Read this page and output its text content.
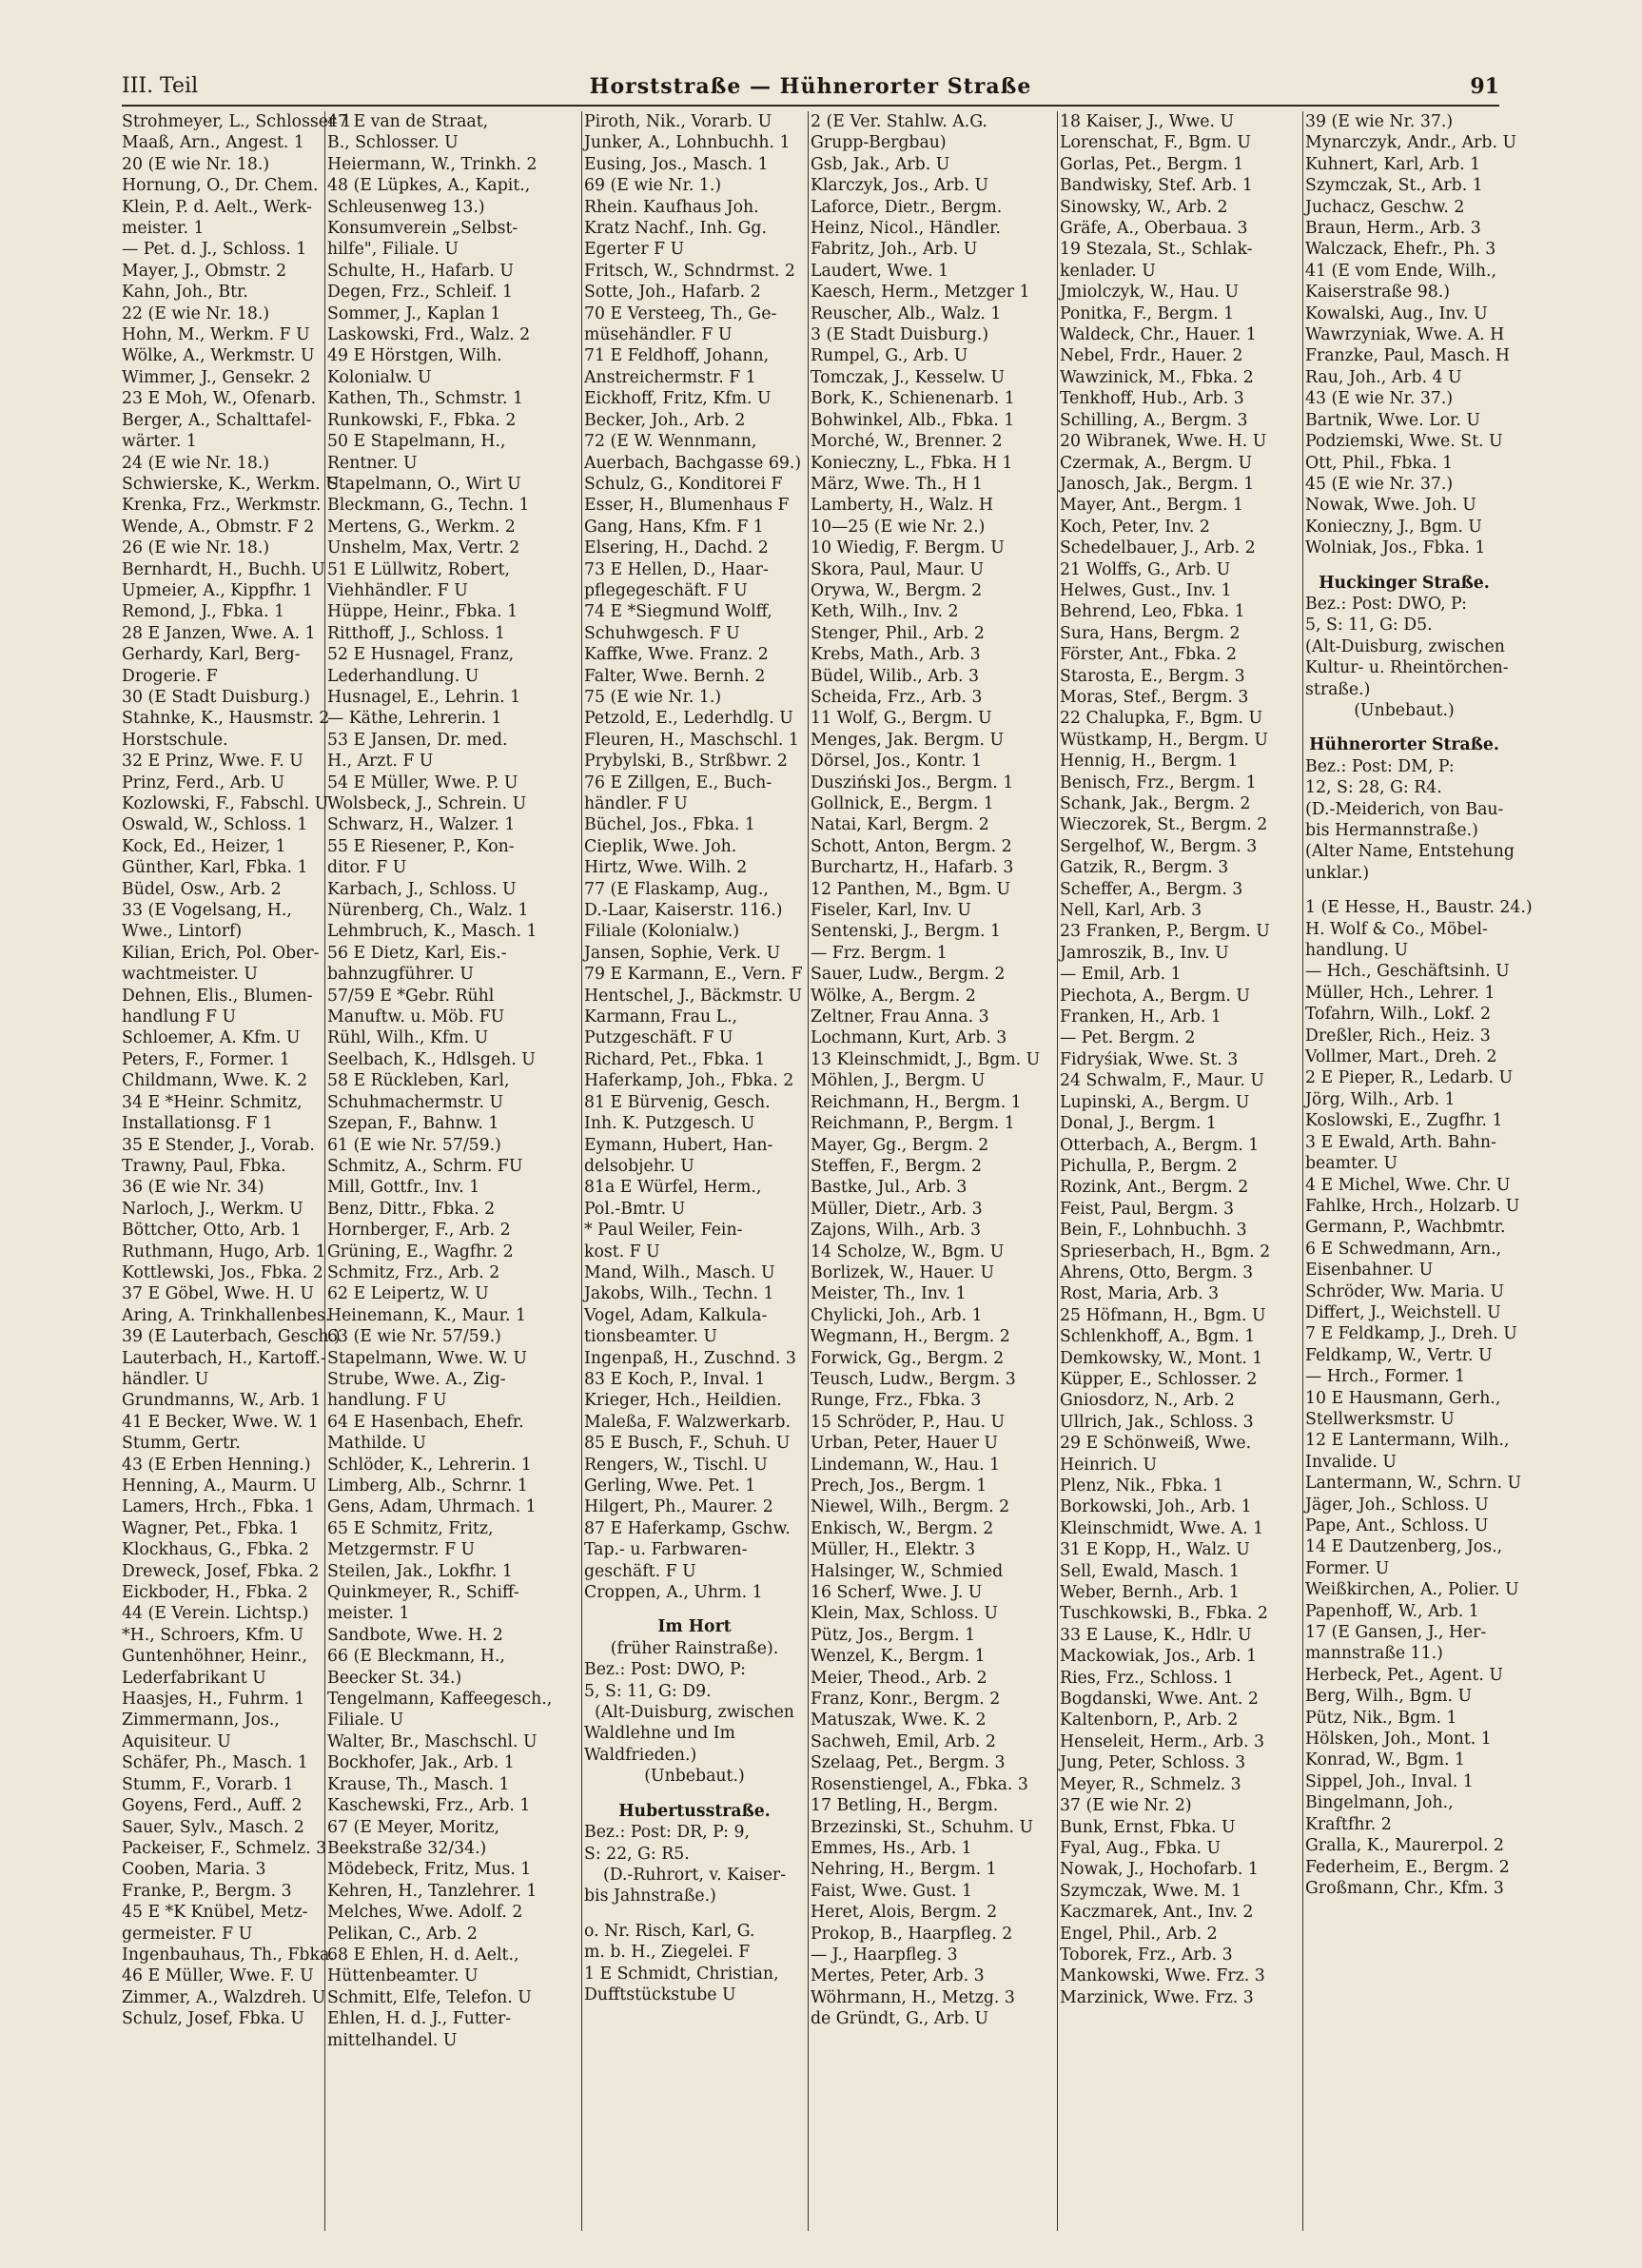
III. Teil	Horststraße — Hühnerorter Straße	91
Strohmeyer, L., Schlosser 1
Maaß, Arn., Angest. 1
20 (E wie Nr. 18.)
Hornung, O., Dr. Chem.
Klein, P. d. Aelt., Werk-
meister. 1
— Pet. d. J., Schloss. 1
Mayer, J., Obmstr. 2
Kahn, Joh., Btr.
22 (E wie Nr. 18.)
Hohn, M., Werkm. F U
Wölke, A., Werkmstr. U
Wimmer, J., Gensekr. 2
23 E Moh, W., Ofenarb.
Berger, A., Schalttafel-
wärter. 1
24 (E wie Nr. 18.)
Schwierske, K., Werkm. U
Krenka, Frz., Werkmstr.
Wende, A., Obmstr. F 2
26 (E wie Nr. 18.)
Bernhardt, H., Buchh. U
Upmeier, A., Kippfhr. 1
Remond, J., Fbka. 1
28 E Janzen, Wwe. A. 1
Gerhardy, Karl, Berg-
Drogerie. F
30 (E Stadt Duisburg.)
Stahnke, K., Hausmstr. 2
Horstschule.
32 E Prinz, Wwe. F. U
Prinz, Ferd., Arb. U
Kozlowski, F., Fabschl. U
Oswald, W., Schloss. 1
Kock, Ed., Heizer, 1
Günther, Karl, Fbka. 1
Büdel, Osw., Arb. 2
33 (E Vogelsang, H.,
Wwe., Lintorf)
Kilian, Erich, Pol. Ober-
wachtmeister. U
Dehnen, Elis., Blumen-
handlung F U
Schloemer, A. Kfm. U
Peters, F., Former. 1
Childmann, Wwe. K. 2
34 E *Heinr. Schmitz,
Installationsg. F 1
35 E Stender, J., Vorab.
Trawny, Paul, Fbka.
36 (E wie Nr. 34)
Narloch, J., Werkm. U
Böttcher, Otto, Arb. 1
Ruthmann, Hugo, Arb. 1
Kottlewski, Jos., Fbka. 2
37 E Göbel, Wwe. H. U
Aring, A. Trinkhallenbes.
39 (E Lauterbach, Gesch.)
Lauterbach, H., Kartoff.-
händler. U
Grundmanns, W., Arb. 1
41 E Becker, Wwe. W. 1
Stumm, Gertr.
43 (E Erben Henning.)
Henning, A., Maurm. U
Lamers, Hrch., Fbka. 1
Wagner, Pet., Fbka. 1
Klockhaus, G., Fbka. 2
Dreweck, Josef, Fbka. 2
Eickboder, H., Fbka. 2
44 (E Verein. Lichtsp.)
*H., Schroers, Kfm. U
Guntenhöhner, Heinr.,
Lederfabrikant U
Haasjes, H., Fuhrm. 1
Zimmermann, Jos.,
Aquisiteur. U
Schäfer, Ph., Masch. 1
Stumm, F., Vorarb. 1
Goyens, Ferd., Auff. 2
Sauer, Sylv., Masch. 2
Packeiser, F., Schmelz. 3
Cooben, Maria. 3
Franke, P., Bergm. 3
45 E *K Knübel, Metz-
germeister. F U
Ingenbauhaus, Th., Fbka.
46 E Müller, Wwe. F. U
Zimmer, A., Walzdreh. U
Schulz, Josef, Fbka. U
47 E van de Straat,
B., Schlosser. U
Heiermann, W., Trinkh. 2
48 (E Lüpkes, A., Kapit.,
Schleusenweg 13.)
Konsumverein „Selbst-
hilfe", Filiale. U
Schulte, H., Hafarb. U
Degen, Frz., Schleif. 1
Sommer, J., Kaplan 1
Laskowski, Frd., Walz. 2
49 E Hörstgen, Wilh.
Kolonialw. U
Kathen, Th., Schmstr. 1
Runkowski, F., Fbka. 2
50 E Stapelmann, H.,
Rentner. U
Stapelmann, O., Wirt U
Bleckmann, G., Techn. 1
Mertens, G., Werkm. 2
Unshelm, Max, Vertr. 2
51 E Lüllwitz, Robert,
Viehhändler. F U
Hüppe, Heinr., Fbka. 1
Ritthoff, J., Schloss. 1
52 E Husnagel, Franz,
Lederhandlung. U
Husnagel, E., Lehrin. 1
— Käthe, Lehrerin. 1
53 E Jansen, Dr. med.
H., Arzt. F U
54 E Müller, Wwe. P. U
Wolsbeck, J., Schrein. U
Schwarz, H., Walzer. 1
55 E Riesener, P., Kon-
ditor. F U
Karbach, J., Schloss. U
Nürenberg, Ch., Walz. 1
Lehmbruch, K., Masch. 1
56 E Dietz, Karl, Eis.-
bahnzugführer. U
57/59 E *Gebr. Rühl
Manuftw. u. Möb. FU
Rühl, Wilh., Kfm. U
Seelbach, K., Hdlsgeh. U
58 E Rückleben, Karl,
Schuhmachermstr. U
Szepan, F., Bahnw. 1
61 (E wie Nr. 57/59.)
Schmitz, A., Schrm. FU
Mill, Gottfr., Inv. 1
Benz, Dittr., Fbka. 2
Hornberger, F., Arb. 2
Grüning, E., Wagfhr. 2
Schmitz, Frz., Arb. 2
62 E Leipertz, W. U
Heinemann, K., Maur. 1
63 (E wie Nr. 57/59.)
Stapelmann, Wwe. W. U
Strube, Wwe. A., Zig-
handlung. F U
64 E Hasenbach, Ehefr.
Mathilde. U
Schlöder, K., Lehrerin. 1
Limberg, Alb., Schrnr. 1
Gens, Adam, Uhrmach. 1
65 E Schmitz, Fritz,
Metzgermstr. F U
Steilen, Jak., Lokfhr. 1
Quinkmeyer, R., Schiff-
meister. 1
Sandbote, Wwe. H. 2
66 (E Bleckmann, H.,
Beecker St. 34.)
Tengelmann, Kaffeegesch.,
Filiale. U
Walter, Br., Maschschl. U
Bockhofer, Jak., Arb. 1
Krause, Th., Masch. 1
Kaschewski, Frz., Arb. 1
67 (E Meyer, Moritz,
Beekstraße 32/34.)
Mödebeck, Fritz, Mus. 1
Kehren, H., Tanzlehrer. 1
Melches, Wwe. Adolf. 2
Pelikan, C., Arb. 2
68 E Ehlen, H. d. Aelt.,
Hüttenbeamter. U
Schmitt, Elfe, Telefon. U
Ehlen, H. d. J., Futter-
mittelhandel. U
Piroth, Nik., Vorarb. U
Junker, A., Lohnbuchh. 1
Eusing, Jos., Masch. 1
69 (E wie Nr. 1.)
Rhein. Kaufhaus Joh.
Kratz Nachf., Inh. Gg.
Egerter F U
Fritsch, W., Schndrmst. 2
Sotte, Joh., Hafarb. 2
70 E Versteeg, Th., Ge-
müsehändler. F U
71 E Feldhoff, Johann,
Anstreichermstr. F 1
Eickhoff, Fritz, Kfm. U
Becker, Joh., Arb. 2
72 (E W. Wennmann,
Auerbach, Bachgasse 69.)
Schulz, G., Konditorei F
Esser, H., Blumenhaus F
Gang, Hans, Kfm. F 1
Elsering, H., Dachd. 2
73 E Hellen, D., Haar-
pflegegeschäft. F U
74 E *Siegmund Wolff,
Schuhwgesch. F U
Kaffke, Wwe. Franz. 2
Falter, Wwe. Bernh. 2
75 (E wie Nr. 1.)
Petzold, E., Lederhdlg. U
Fleuren, H., Maschschl. 1
Prybylski, B., Strßbwr. 2
76 E Zillgen, E., Buch-
händler. F U
Büchel, Jos., Fbka. 1
Cieplik, Wwe. Joh.
Hirtz, Wwe. Wilh. 2
77 (E Flaskamp, Aug.,
D.-Laar, Kaiserstr. 116.)
Filiale (Kolonialw.)
Jansen, Sophie, Verk. U
79 E Karmann, E., Vern. F
Hentschel, J., Bäckmstr. U
Karmann, Frau L.,
Putzgeschäft. F U
Richard, Pet., Fbka. 1
Haferkamp, Joh., Fbka. 2
81 E Bürvenig, Gesch.
Inh. K. Putzgesch. U
Eymann, Hubert, Han-
delsobjehr. U
81a E Würfel, Herm.,
Pol.-Bmtr. U
* Paul Weiler, Fein-
kost. F U
Mand, Wilh., Masch. U
Jakobs, Wilh., Techn. 1
Vogel, Adam, Kalkula-
tionsbeamter. U
Ingenpaß, H., Zuschnd. 3
83 E Koch, P., Inval. 1
Krieger, Hch., Heildien.
Maleßa, F. Walzwerkarb.
85 E Busch, F., Schuh. U
Rengers, W., Tischl. U
Gerling, Wwe. Pet. 1
Hilgert, Ph., Maurer. 2
87 E Haferkamp, Gschw.
Tap.- u. Farbwaren-
geschäft. F U
Croppen, A., Uhrm. 1
Im Hort
(früher Rainstraße).
Bez.: Post: DWO, P:
5, S: 11, G: D9.
(Alt-Duisburg, zwischen
Waldlehne und Im
Waldfrieden.)
(Unbebaut.)
Hubertusstraße.
Bez.: Post: DR, P: 9,
S: 22, G: R5.
(D.-Ruhrort, v. Kaiser-
bis Jahnstraße.)
o. Nr. Risch, Karl, G.
m. b. H., Ziegelei. F
1 E Schmidt, Christian,
Dufftstückstube U
2 (E Ver. Stahlw. A.G.
Grupp-Bergbau)
Gsb, Jak., Arb. U
Klarczyk, Jos., Arb. U
Laforce, Dietr., Bergm.
Heinz, Nicol., Händler.
Fabritz, Joh., Arb. U
Laudert, Wwe. 1
Kaesch, Herm., Metzger 1
Reuscher, Alb., Walz. 1
3 (E Stadt Duisburg.)
Rumpel, G., Arb. U
Tomczak, J., Kesselw. U
Bork, K., Schienenarb. 1
Bohwinkel, Alb., Fbka. 1
Morché, W., Brenner. 2
Konieczny, L., Fbka. H 1
März, Wwe. Th., H 1
Lamberty, H., Walz. H
10—25 (E wie Nr. 2.)
10 Wiedig, F. Bergm. U
Skora, Paul, Maur. U
Orywa, W., Bergm. 2
Keth, Wilh., Inv. 2
Stenger, Phil., Arb. 2
Krebs, Math., Arb. 3
Büdel, Wilib., Arb. 3
Scheida, Frz., Arb. 3
11 Wolf, G., Bergm. U
Menges, Jak. Bergm. U
Dörsel, Jos., Kontr. 1
Dusziński Jos., Bergm. 1
Gollnick, E., Bergm. 1
Natai, Karl, Bergm. 2
Schott, Anton, Bergm. 2
Burchartz, H., Hafarb. 3
12 Panthen, M., Bgm. U
Fiseler, Karl, Inv. U
Sentenski, J., Bergm. 1
— Frz. Bergm. 1
Sauer, Ludw., Bergm. 2
Wölke, A., Bergm. 2
Zeltner, Frau Anna. 3
Lochmann, Kurt, Arb. 3
13 Kleinschmidt, J., Bgm. U
Möhlen, J., Bergm. U
Reichmann, H., Bergm. 1
Reichmann, P., Bergm. 1
Mayer, Gg., Bergm. 2
Steffen, F., Bergm. 2
Bastke, Jul., Arb. 3
Müller, Dietr., Arb. 3
Zajons, Wilh., Arb. 3
14 Scholze, W., Bgm. U
Borlizek, W., Hauer. U
Meister, Th., Inv. 1
Chylicki, Joh., Arb. 1
Wegmann, H., Bergm. 2
Forwick, Gg., Bergm. 2
Teusch, Ludw., Bergm. 3
Runge, Frz., Fbka. 3
15 Schröder, P., Hau. U
Urban, Peter, Hauer U
Lindemann, W., Hau. 1
Prech, Jos., Bergm. 1
Niewel, Wilh., Bergm. 2
Enkisch, W., Bergm. 2
Müller, H., Elektr. 3
Halsinger, W., Schmied
16 Scherf, Wwe. J. U
Klein, Max, Schloss. U
Pütz, Jos., Bergm. 1
Wenzel, K., Bergm. 1
Meier, Theod., Arb. 2
Franz, Konr., Bergm. 2
Matuszak, Wwe. K. 2
Sachweh, Emil, Arb. 2
Szelaag, Pet., Bergm. 3
Rosenstiengel, A., Fbka. 3
17 Betling, H., Bergm.
Brzezinski, St., Schuhm. U
Emmes, Hs., Arb. 1
Nehring, H., Bergm. 1
Faist, Wwe. Gust. 1
Heret, Alois, Bergm. 2
Prokop, B., Haarpfleg. 2
— J., Haarpfleg. 3
Mertes, Peter, Arb. 3
Wöhrmann, H., Metzg. 3
de Gründt, G., Arb. U
18 Kaiser, J., Wwe. U
Lorenschat, F., Bgm. U
Gorlas, Pet., Bergm. 1
Bandwisky, Stef. Arb. 1
Sinowsky, W., Arb. 2
Gräfe, A., Oberbaua. 3
19 Stezala, St., Schlak-
kenlader. U
Jmiolczyk, W., Hau. U
Ponitka, F., Bergm. 1
Waldeck, Chr., Hauer. 1
Nebel, Frdr., Hauer. 2
Wawzinick, M., Fbka. 2
Tenkhoff, Hub., Arb. 3
Schilling, A., Bergm. 3
20 Wibranek, Wwe. H. U
Czermak, A., Bergm. U
Janosch, Jak., Bergm. 1
Mayer, Ant., Bergm. 1
Koch, Peter, Inv. 2
Schedelbauer, J., Arb. 2
21 Wolffs, G., Arb. U
Helwes, Gust., Inv. 1
Behrend, Leo, Fbka. 1
Sura, Hans, Bergm. 2
Förster, Ant., Fbka. 2
Starosta, E., Bergm. 3
Moras, Stef., Bergm. 3
22 Chalupka, F., Bgm. U
Wüstkamp, H., Bergm. U
Hennig, H., Bergm. 1
Benisch, Frz., Bergm. 1
Schank, Jak., Bergm. 2
Wieczorek, St., Bergm. 2
Sergelhof, W., Bergm. 3
Gatzik, R., Bergm. 3
Scheffer, A., Bergm. 3
Nell, Karl, Arb. 3
23 Franken, P., Bergm. U
Jamroszik, B., Inv. U
— Emil, Arb. 1
Piechota, A., Bergm. U
Franken, H., Arb. 1
— Pet. Bergm. 2
Fidryśiak, Wwe. St. 3
24 Schwalm, F., Maur. U
Lupinski, A., Bergm. U
Donal, J., Bergm. 1
Otterbach, A., Bergm. 1
Pichulla, P., Bergm. 2
Rozink, Ant., Bergm. 2
Feist, Paul, Bergm. 3
Bein, F., Lohnbuchh. 3
Sprieserbach, H., Bgm. 2
Ahrens, Otto, Bergm. 3
Rost, Maria, Arb. 3
25 Höfmann, H., Bgm. U
Schlenkhoff, A., Bgm. 1
Demkowsky, W., Mont. 1
Küpper, E., Schlosser. 2
Gniosdorz, N., Arb. 2
Ullrich, Jak., Schloss. 3
29 E Schönweiß, Wwe.
Heinrich. U
Plenz, Nik., Fbka. 1
Borkowski, Joh., Arb. 1
Kleinschmidt, Wwe. A. 1
31 E Kopp, H., Walz. U
Sell, Ewald, Masch. 1
Weber, Bernh., Arb. 1
Tuschkowski, B., Fbka. 2
33 E Lause, K., Hdlr. U
Mackowiak, Jos., Arb. 1
Ries, Frz., Schloss. 1
Bogdanski, Wwe. Ant. 2
Kaltenborn, P., Arb. 2
Henseleit, Herm., Arb. 3
Jung, Peter, Schloss. 3
Meyer, R., Schmelz. 3
37 (E wie Nr. 2)
Bunk, Ernst, Fbka. U
Fyal, Aug., Fbka. U
Nowak, J., Hochofarb. 1
Szymczak, Wwe. M. 1
Kaczmarek, Ant., Inv. 2
Engel, Phil., Arb. 2
Toborek, Frz., Arb. 3
Mankowski, Wwe. Frz. 3
Marzinick, Wwe. Frz. 3
39 (E wie Nr. 37.)
Mynarczyk, Andr., Arb. U
Kuhnert, Karl, Arb. 1
Szymczak, St., Arb. 1
Juchacz, Geschw. 2
Braun, Herm., Arb. 3
Walczack, Ehefr., Ph. 3
41 (E vom Ende, Wilh.,
Kaiserstraße 98.)
Kowalski, Aug., Inv. U
Wawrzyniak, Wwe. A. H
Franzke, Paul, Masch. H
Rau, Joh., Arb. 4 U
43 (E wie Nr. 37.)
Bartnik, Wwe. Lor. U
Podziemski, Wwe. St. U
Ott, Phil., Fbka. 1
45 (E wie Nr. 37.)
Nowak, Wwe. Joh. U
Konieczny, J., Bgm. U
Wolniak, Jos., Fbka. 1
Huckinger Straße.
Bez.: Post: DWO, P:
5, S: 11, G: D5.
(Alt-Duisburg, zwischen
Kultur- u. Rheintörchen-
straße.)
(Unbebaut.)
Hühnerorter Straße.
Bez.: Post: DM, P:
12, S: 28, G: R4.
(D.-Meiderich, von Bau-
bis Hermannstraße.)
(Alter Name, Entstehung
unklar.)
1 (E Hesse, H., Baustr. 24.)
H. Wolf & Co., Möbel-
handlung. U
— Hch., Geschäftsinh. U
Müller, Hch., Lehrer. 1
Tofahrn, Wilh., Lokf. 2
Dreßler, Rich., Heiz. 3
Vollmer, Mart., Dreh. 2
2 E Pieper, R., Ledarb. U
Jörg, Wilh., Arb. 1
Koslowski, E., Zugfhr. 1
3 E Ewald, Arth. Bahn-
beamter. U
4 E Michel, Wwe. Chr. U
Fahlke, Hrch., Holzarb. U
Germann, P., Wachbmtr.
6 E Schwedmann, Arn.,
Eisenbahner. U
Schröder, Ww. Maria. U
Differt, J., Weichstell. U
7 E Feldkamp, J., Dreh. U
Feldkamp, W., Vertr. U
— Hrch., Former. 1
10 E Hausmann, Gerh.,
Stellwerksmstr. U
12 E Lantermann, Wilh.,
Invalide. U
Lantermann, W., Schrn. U
Jäger, Joh., Schloss. U
Pape, Ant., Schloss. U
14 E Dautzenberg, Jos.,
Former. U
Weißkirchen, A., Polier. U
Papenhoff, W., Arb. 1
17 (E Gansen, J., Her-
mannstraße 11.)
Herbeck, Pet., Agent. U
Berg, Wilh., Bgm. U
Pütz, Nik., Bgm. 1
Hölsken, Joh., Mont. 1
Konrad, W., Bgm. 1
Sippel, Joh., Inval. 1
Bingelmann, Joh.,
Kraftfhr. 2
Gralla, K., Maurerpol. 2
Federheim, E., Bergm. 2
Großmann, Chr., Kfm. 3
